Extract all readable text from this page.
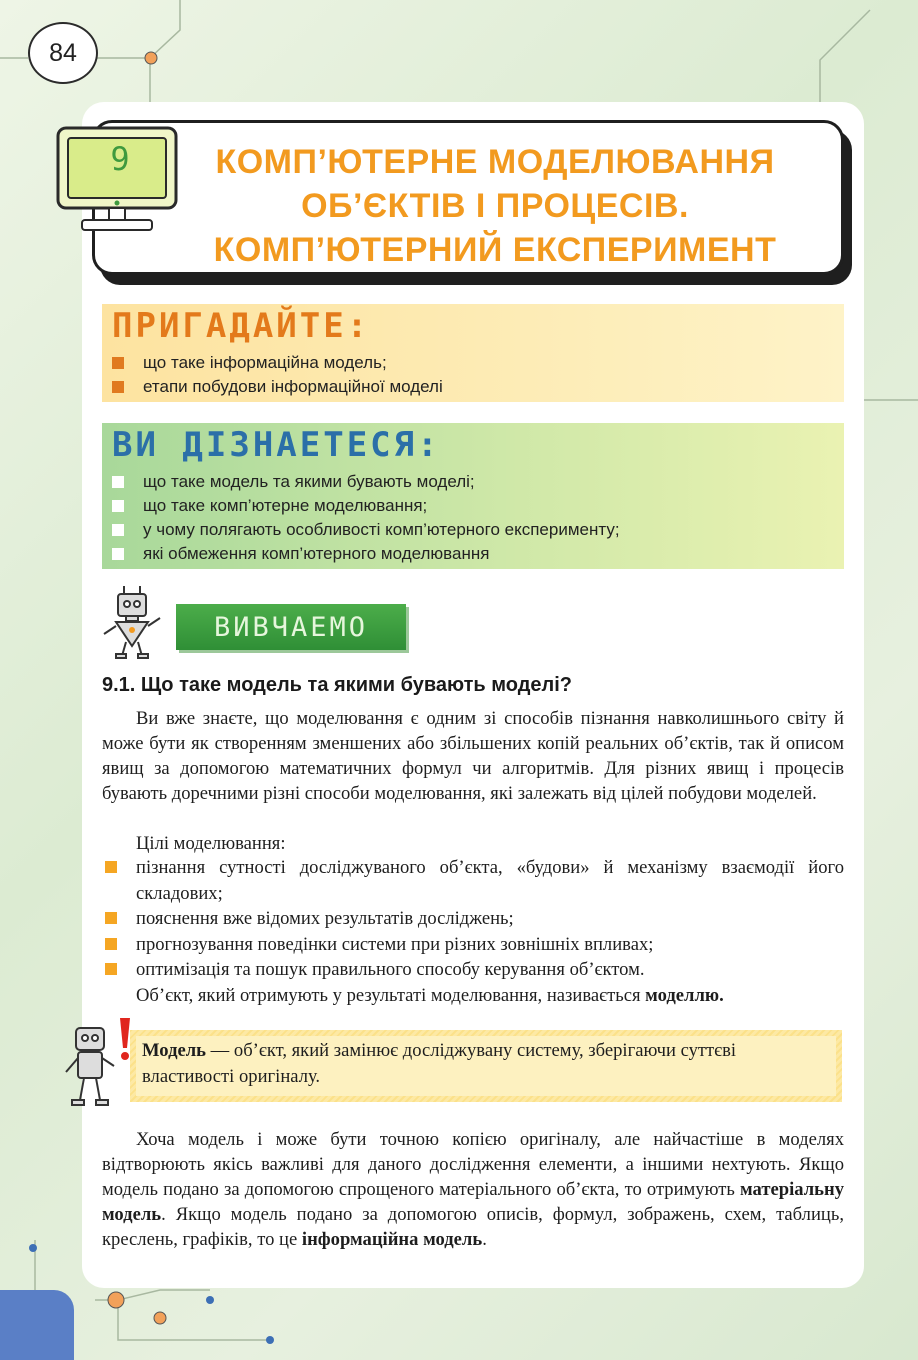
84
9	КОМП’ЮТЕРНЕ МОДЕЛЮВАННЯ
ОБ’ЄКТІВ І ПРОЦЕСІВ.
КОМП’ЮТЕРНИЙ ЕКСПЕРИМЕНТ
ПРИГАДАЙТЕ:
що таке інформаційна модель;
етапи побудови інформаційної моделі
ВИ ДІЗНАЕТЕСЯ:
що таке модель та якими бувають моделі;
що таке комп’ютерне моделювання;
у чому полягають особливості комп’ютерного експерименту;
які обмеження комп’ютерного моделювання
ВИВЧАЕМО
9.1. Що таке модель та якими бувають моделі?

Ви вже знаєте, що моделювання є одним зі способів пізнання навколишнього світу й може бути як створенням зменшених або збільшених копій реальних об’єктів, так й описом явищ за допомогою математичних формул чи алгоритмів. Для різних явищ і процесів бувають доречними різні способи моделювання, які залежать від цілей побудови моделей.

Цілі моделювання:

пізнання сутності досліджуваного об’єкта, «будови» й механізму взаємодії його складових;
пояснення вже відомих результатів досліджень;
прогнозування поведінки системи при різних зовнішніх впливах;
оптимізація та пошук правильного способу керування об’єктом.

Об’єкт, який отримують у результаті моделювання, називається моделлю.

Модель — об’єкт, який замінює досліджувану систему, зберігаючи суттєві властивості оригіналу.

Хоча модель і може бути точною копією оригіналу, але найчастіше в моделях відтворюють якісь важливі для даного дослідження елементи, а іншими нехтують. Якщо модель подано за допомогою спрощеного матеріального об’єкта, то отримують матеріальну модель. Якщо модель подано за допомогою описів, формул, зображень, схем, таблиць, креслень, графіків, то це інформаційна модель.
